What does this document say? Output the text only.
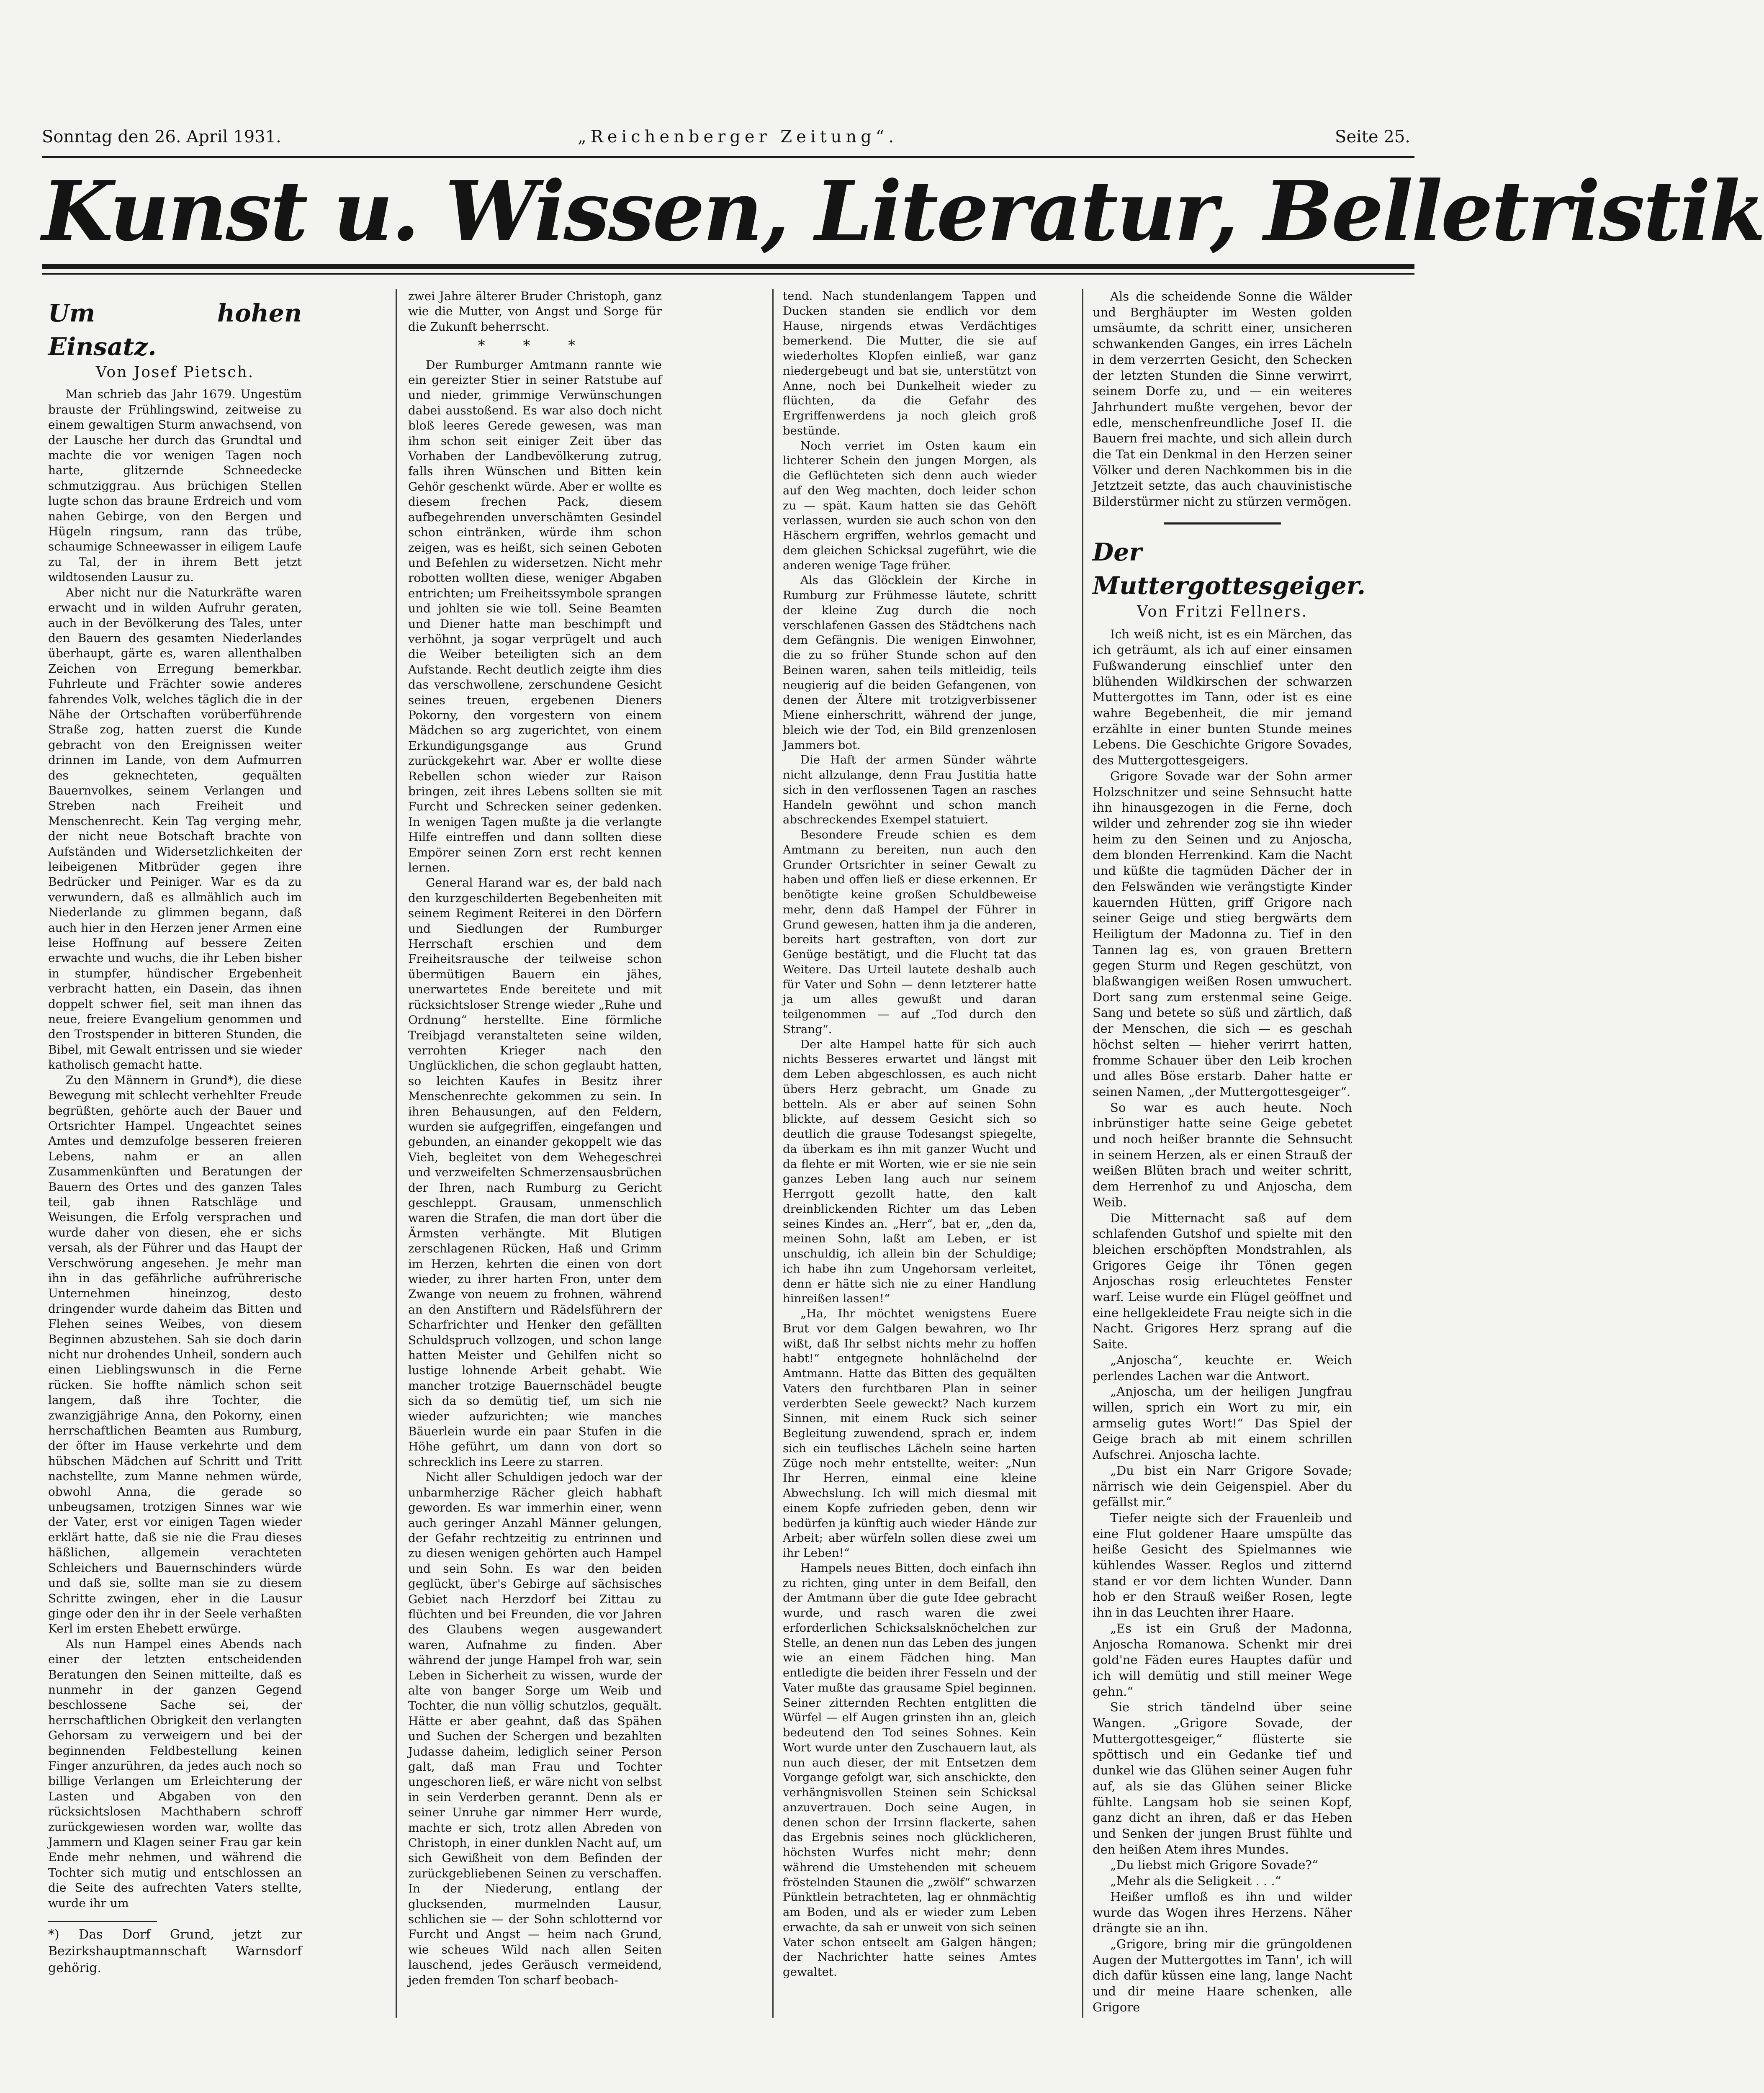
Sonntag den 26. April 1931.	„Reichenberger Zeitung“.	Seite 25.
Kunst u. Wissen, Literatur, Belletristik
Um hohen Einsatz.
Von Josef Pietsch.

Man schrieb das Jahr 1679. Ungestüm brauste der Frühlingswind, zeitweise zu einem gewaltigen Sturm anwachsend, von der Lausche her durch das Grundtal und machte die vor wenigen Tagen noch harte, glitzernde Schneedecke schmutziggrau. Aus brüchigen Stellen lugte schon das braune Erdreich und vom nahen Gebirge, von den Bergen und Hügeln ringsum, rann das trübe, schaumige Schneewasser in eiligem Laufe zu Tal, der in ihrem Bett jetzt wildtosenden Lausur zu.

Aber nicht nur die Naturkräfte waren erwacht und in wilden Aufruhr geraten, auch in der Bevölkerung des Tales, unter den Bauern des gesamten Niederlandes überhaupt, gärte es, waren allenthalben Zeichen von Erregung bemerkbar. Fuhrleute und Frächter sowie anderes fahrendes Volk, welches täglich die in der Nähe der Ortschaften vorüberführende Straße zog, hatten zuerst die Kunde gebracht von den Ereignissen weiter drinnen im Lande, von dem Aufmurren des geknechteten, gequälten Bauernvolkes, seinem Verlangen und Streben nach Freiheit und Menschenrecht. Kein Tag verging mehr, der nicht neue Botschaft brachte von Aufständen und Widersetzlichkeiten der leibeigenen Mitbrüder gegen ihre Bedrücker und Peiniger. War es da zu verwundern, daß es allmählich auch im Niederlande zu glimmen begann, daß auch hier in den Herzen jener Armen eine leise Hoffnung auf bessere Zeiten erwachte und wuchs, die ihr Leben bisher in stumpfer, hündischer Ergebenheit verbracht hatten, ein Dasein, das ihnen doppelt schwer fiel, seit man ihnen das neue, freiere Evangelium genommen und den Trostspender in bitteren Stunden, die Bibel, mit Gewalt entrissen und sie wieder katholisch gemacht hatte.

Zu den Männern in Grund*), die diese Bewegung mit schlecht verhehlter Freude begrüßten, gehörte auch der Bauer und Ortsrichter Hampel. Ungeachtet seines Amtes und demzufolge besseren freieren Lebens, nahm er an allen Zusammenkünften und Beratungen der Bauern des Ortes und des ganzen Tales teil, gab ihnen Ratschläge und Weisungen, die Erfolg versprachen und wurde daher von diesen, ehe er sichs versah, als der Führer und das Haupt der Verschwörung angesehen. Je mehr man ihn in das gefährliche aufrührerische Unternehmen hineinzog, desto dringender wurde daheim das Bitten und Flehen seines Weibes, von diesem Beginnen abzustehen. Sah sie doch darin nicht nur drohendes Unheil, sondern auch einen Lieblingswunsch in die Ferne rücken. Sie hoffte nämlich schon seit langem, daß ihre Tochter, die zwanzigjährige Anna, den Pokorny, einen herrschaftlichen Beamten aus Rumburg, der öfter im Hause verkehrte und dem hübschen Mädchen auf Schritt und Tritt nachstellte, zum Manne nehmen würde, obwohl Anna, die gerade so unbeugsamen, trotzigen Sinnes war wie der Vater, erst vor einigen Tagen wieder erklärt hatte, daß sie nie die Frau dieses häßlichen, allgemein verachteten Schleichers und Bauernschinders würde und daß sie, sollte man sie zu diesem Schritte zwingen, eher in die Lausur ginge oder den ihr in der Seele verhaßten Kerl im ersten Ehebett erwürge.

Als nun Hampel eines Abends nach einer der letzten entscheidenden Beratungen den Seinen mitteilte, daß es nunmehr in der ganzen Gegend beschlossene Sache sei, der herrschaftlichen Obrigkeit den verlangten Gehorsam zu verweigern und bei der beginnenden Feldbestellung keinen Finger anzurühren, da jedes auch noch so billige Verlangen um Erleichterung der Lasten und Abgaben von den rücksichtslosen Machthabern schroff zurückgewiesen worden war, wollte das Jammern und Klagen seiner Frau gar kein Ende mehr nehmen, und während die Tochter sich mutig und entschlossen an die Seite des aufrechten Vaters stellte, wurde ihr um

*) Das Dorf Grund, jetzt zur Bezirkshauptmannschaft Warnsdorf gehörig.

zwei Jahre älterer Bruder Christoph, ganz wie die Mutter, von Angst und Sorge für die Zukunft beherrscht.

* * *

Der Rumburger Amtmann rannte wie ein gereizter Stier in seiner Ratstube auf und nieder, grimmige Verwünschungen dabei ausstoßend. Es war also doch nicht bloß leeres Gerede gewesen, was man ihm schon seit einiger Zeit über das Vorhaben der Landbevölkerung zutrug, falls ihren Wünschen und Bitten kein Gehör geschenkt würde. Aber er wollte es diesem frechen Pack, diesem aufbegehrenden unverschämten Gesindel schon eintränken, würde ihm schon zeigen, was es heißt, sich seinen Geboten und Befehlen zu widersetzen. Nicht mehr robotten wollten diese, weniger Abgaben entrichten; um Freiheitssymbole sprangen und johlten sie wie toll. Seine Beamten und Diener hatte man beschimpft und verhöhnt, ja sogar verprügelt und auch die Weiber beteiligten sich an dem Aufstande. Recht deutlich zeigte ihm dies das verschwollene, zerschundene Gesicht seines treuen, ergebenen Dieners Pokorny, den vorgestern von einem Mädchen so arg zugerichtet, von einem Erkundigungsgange aus Grund zurückgekehrt war. Aber er wollte diese Rebellen schon wieder zur Raison bringen, zeit ihres Lebens sollten sie mit Furcht und Schrecken seiner gedenken. In wenigen Tagen mußte ja die verlangte Hilfe eintreffen und dann sollten diese Empörer seinen Zorn erst recht kennen lernen.

General Harand war es, der bald nach den kurzgeschilderten Begebenheiten mit seinem Regiment Reiterei in den Dörfern und Siedlungen der Rumburger Herrschaft erschien und dem Freiheitsrausche der teilweise schon übermütigen Bauern ein jähes, unerwartetes Ende bereitete und mit rücksichtsloser Strenge wieder „Ruhe und Ordnung“ herstellte. Eine förmliche Treibjagd veranstalteten seine wilden, verrohten Krieger nach den Unglücklichen, die schon geglaubt hatten, so leichten Kaufes in Besitz ihrer Menschenrechte gekommen zu sein. In ihren Behausungen, auf den Feldern, wurden sie aufgegriffen, eingefangen und gebunden, an einander gekoppelt wie das Vieh, begleitet von dem Wehegeschrei und verzweifelten Schmerzensausbrüchen der Ihren, nach Rumburg zu Gericht geschleppt. Grausam, unmenschlich waren die Strafen, die man dort über die Ärmsten verhängte. Mit Blutigen zerschlagenen Rücken, Haß und Grimm im Herzen, kehrten die einen von dort wieder, zu ihrer harten Fron, unter dem Zwange von neuem zu frohnen, während an den Anstiftern und Rädelsführern der Scharfrichter und Henker den gefällten Schuldspruch vollzogen, und schon lange hatten Meister und Gehilfen nicht so lustige lohnende Arbeit gehabt. Wie mancher trotzige Bauernschädel beugte sich da so demütig tief, um sich nie wieder aufzurichten; wie manches Bäuerlein wurde ein paar Stufen in die Höhe geführt, um dann von dort so schrecklich ins Leere zu starren.

Nicht aller Schuldigen jedoch war der unbarmherzige Rächer gleich habhaft geworden. Es war immerhin einer, wenn auch geringer Anzahl Männer gelungen, der Gefahr rechtzeitig zu entrinnen und zu diesen wenigen gehörten auch Hampel und sein Sohn. Es war den beiden geglückt, über's Gebirge auf sächsisches Gebiet nach Herzdorf bei Zittau zu flüchten und bei Freunden, die vor Jahren des Glaubens wegen ausgewandert waren, Aufnahme zu finden. Aber während der junge Hampel froh war, sein Leben in Sicherheit zu wissen, wurde der alte von banger Sorge um Weib und Tochter, die nun völlig schutzlos, gequält. Hätte er aber geahnt, daß das Spähen und Suchen der Schergen und bezahlten Judasse daheim, lediglich seiner Person galt, daß man Frau und Tochter ungeschoren ließ, er wäre nicht von selbst in sein Verderben gerannt. Denn als er seiner Unruhe gar nimmer Herr wurde, machte er sich, trotz allen Abreden von Christoph, in einer dunklen Nacht auf, um sich Gewißheit von dem Befinden der zurückgebliebenen Seinen zu verschaffen. In der Niederung, entlang der glucksenden, murmelnden Lausur, schlichen sie — der Sohn schlotternd vor Furcht und Angst — heim nach Grund, wie scheues Wild nach allen Seiten lauschend, jedes Geräusch vermeidend, jeden fremden Ton scharf beobach-

tend. Nach stundenlangem Tappen und Ducken standen sie endlich vor dem Hause, nirgends etwas Verdächtiges bemerkend. Die Mutter, die sie auf wiederholtes Klopfen einließ, war ganz niedergebeugt und bat sie, unterstützt von Anne, noch bei Dunkelheit wieder zu flüchten, da die Gefahr des Ergriffenwerdens ja noch gleich groß bestünde.

Noch verriet im Osten kaum ein lichterer Schein den jungen Morgen, als die Geflüchteten sich denn auch wieder auf den Weg machten, doch leider schon zu — spät. Kaum hatten sie das Gehöft verlassen, wurden sie auch schon von den Häschern ergriffen, wehrlos gemacht und dem gleichen Schicksal zugeführt, wie die anderen wenige Tage früher.

Als das Glöcklein der Kirche in Rumburg zur Frühmesse läutete, schritt der kleine Zug durch die noch verschlafenen Gassen des Städtchens nach dem Gefängnis. Die wenigen Einwohner, die zu so früher Stunde schon auf den Beinen waren, sahen teils mitleidig, teils neugierig auf die beiden Gefangenen, von denen der Ältere mit trotzigverbissener Miene einherschritt, während der junge, bleich wie der Tod, ein Bild grenzenlosen Jammers bot.

Die Haft der armen Sünder währte nicht allzulange, denn Frau Justitia hatte sich in den verflossenen Tagen an rasches Handeln gewöhnt und schon manch abschreckendes Exempel statuiert.

Besondere Freude schien es dem Amtmann zu bereiten, nun auch den Grunder Ortsrichter in seiner Gewalt zu haben und offen ließ er diese erkennen. Er benötigte keine großen Schuldbeweise mehr, denn daß Hampel der Führer in Grund gewesen, hatten ihm ja die anderen, bereits hart gestraften, von dort zur Genüge bestätigt, und die Flucht tat das Weitere. Das Urteil lautete deshalb auch für Vater und Sohn — denn letzterer hatte ja um alles gewußt und daran teilgenommen — auf „Tod durch den Strang“.

Der alte Hampel hatte für sich auch nichts Besseres erwartet und längst mit dem Leben abgeschlossen, es auch nicht übers Herz gebracht, um Gnade zu betteln. Als er aber auf seinen Sohn blickte, auf dessem Gesicht sich so deutlich die grause Todesangst spiegelte, da überkam es ihn mit ganzer Wucht und da flehte er mit Worten, wie er sie nie sein ganzes Leben lang auch nur seinem Herrgott gezollt hatte, den kalt dreinblickenden Richter um das Leben seines Kindes an. „Herr“, bat er, „den da, meinen Sohn, laßt am Leben, er ist unschuldig, ich allein bin der Schuldige; ich habe ihn zum Ungehorsam verleitet, denn er hätte sich nie zu einer Handlung hinreißen lassen!“

„Ha, Ihr möchtet wenigstens Euere Brut vor dem Galgen bewahren, wo Ihr wißt, daß Ihr selbst nichts mehr zu hoffen habt!“ entgegnete hohnlächelnd der Amtmann. Hatte das Bitten des gequälten Vaters den furchtbaren Plan in seiner verderbten Seele geweckt? Nach kurzem Sinnen, mit einem Ruck sich seiner Begleitung zuwendend, sprach er, indem sich ein teuflisches Lächeln seine harten Züge noch mehr entstellte, weiter: „Nun Ihr Herren, einmal eine kleine Abwechslung. Ich will mich diesmal mit einem Kopfe zufrieden geben, denn wir bedürfen ja künftig auch wieder Hände zur Arbeit; aber würfeln sollen diese zwei um ihr Leben!“

Hampels neues Bitten, doch einfach ihn zu richten, ging unter in dem Beifall, den der Amtmann über die gute Idee gebracht wurde, und rasch waren die zwei erforderlichen Schicksalsknöchelchen zur Stelle, an denen nun das Leben des jungen wie an einem Fädchen hing. Man entledigte die beiden ihrer Fesseln und der Vater mußte das grausame Spiel beginnen. Seiner zitternden Rechten entglitten die Würfel — elf Augen grinsten ihn an, gleich bedeutend den Tod seines Sohnes. Kein Wort wurde unter den Zuschauern laut, als nun auch dieser, der mit Entsetzen dem Vorgange gefolgt war, sich anschickte, den verhängnisvollen Steinen sein Schicksal anzuvertrauen. Doch seine Augen, in denen schon der Irrsinn flackerte, sahen das Ergebnis seines noch glücklicheren, höchsten Wurfes nicht mehr; denn während die Umstehenden mit scheuem fröstelnden Staunen die „zwölf“ schwarzen Pünktlein betrachteten, lag er ohnmächtig am Boden, und als er wieder zum Leben erwachte, da sah er unweit von sich seinen Vater schon entseelt am Galgen hängen; der Nachrichter hatte seines Amtes gewaltet.

Als die scheidende Sonne die Wälder und Berghäupter im Westen golden umsäumte, da schritt einer, unsicheren schwankenden Ganges, ein irres Lächeln in dem verzerrten Gesicht, den Schecken der letzten Stunden die Sinne verwirrt, seinem Dorfe zu, und — ein weiteres Jahrhundert mußte vergehen, bevor der edle, menschenfreundliche Josef II. die Bauern frei machte, und sich allein durch die Tat ein Denkmal in den Herzen seiner Völker und deren Nachkommen bis in die Jetztzeit setzte, das auch chauvinistische Bilderstürmer nicht zu stürzen vermögen.

Der Muttergottesgeiger.
Von Fritzi Fellners.

Ich weiß nicht, ist es ein Märchen, das ich geträumt, als ich auf einer einsamen Fußwanderung einschlief unter den blühenden Wildkirschen der schwarzen Muttergottes im Tann, oder ist es eine wahre Begebenheit, die mir jemand erzählte in einer bunten Stunde meines Lebens. Die Geschichte Grigore Sovades, des Muttergottesgeigers.

Grigore Sovade war der Sohn armer Holzschnitzer und seine Sehnsucht hatte ihn hinausgezogen in die Ferne, doch wilder und zehrender zog sie ihn wieder heim zu den Seinen und zu Anjoscha, dem blonden Herrenkind. Kam die Nacht und küßte die tagmüden Dächer der in den Felswänden wie verängstigte Kinder kauernden Hütten, griff Grigore nach seiner Geige und stieg bergwärts dem Heiligtum der Madonna zu. Tief in den Tannen lag es, von grauen Brettern gegen Sturm und Regen geschützt, von blaßwangigen weißen Rosen umwuchert. Dort sang zum erstenmal seine Geige. Sang und betete so süß und zärtlich, daß der Menschen, die sich — es geschah höchst selten — hieher verirrt hatten, fromme Schauer über den Leib krochen und alles Böse erstarb. Daher hatte er seinen Namen, „der Muttergottesgeiger“.

So war es auch heute. Noch inbrünstiger hatte seine Geige gebetet und noch heißer brannte die Sehnsucht in seinem Herzen, als er einen Strauß der weißen Blüten brach und weiter schritt, dem Herrenhof zu und Anjoscha, dem Weib.

Die Mitternacht saß auf dem schlafenden Gutshof und spielte mit den bleichen erschöpften Mondstrahlen, als Grigores Geige ihr Tönen gegen Anjoschas rosig erleuchtetes Fenster warf. Leise wurde ein Flügel geöffnet und eine hellgekleidete Frau neigte sich in die Nacht. Grigores Herz sprang auf die Saite.

„Anjoscha“, keuchte er. Weich perlendes Lachen war die Antwort.

„Anjoscha, um der heiligen Jungfrau willen, sprich ein Wort zu mir, ein armselig gutes Wort!“ Das Spiel der Geige brach ab mit einem schrillen Aufschrei. Anjoscha lachte.

„Du bist ein Narr Grigore Sovade; närrisch wie dein Geigenspiel. Aber du gefällst mir.“

Tiefer neigte sich der Frauenleib und eine Flut goldener Haare umspülte das heiße Gesicht des Spielmannes wie kühlendes Wasser. Reglos und zitternd stand er vor dem lichten Wunder. Dann hob er den Strauß weißer Rosen, legte ihn in das Leuchten ihrer Haare.

„Es ist ein Gruß der Madonna, Anjoscha Romanowa. Schenkt mir drei gold'ne Fäden eures Hauptes dafür und ich will demütig und still meiner Wege gehn.“

Sie strich tändelnd über seine Wangen. „Grigore Sovade, der Muttergottesgeiger,“ flüsterte sie spöttisch und ein Gedanke tief und dunkel wie das Glühen seiner Augen fuhr auf, als sie das Glühen seiner Blicke fühlte. Langsam hob sie seinen Kopf, ganz dicht an ihren, daß er das Heben und Senken der jungen Brust fühlte und den heißen Atem ihres Mundes.

„Du liebst mich Grigore Sovade?“

„Mehr als die Seligkeit . . .“

Heißer umfloß es ihn und wilder wurde das Wogen ihres Herzens. Näher drängte sie an ihn.

„Grigore, bring mir die grüngoldenen Augen der Muttergottes im Tann', ich will dich dafür küssen eine lang, lange Nacht und dir meine Haare schenken, alle Grigore
